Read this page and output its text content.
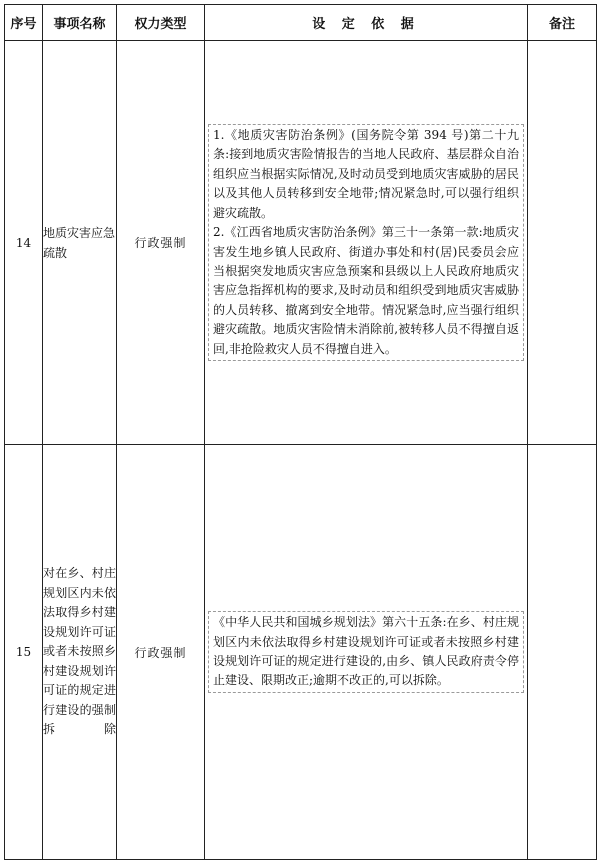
序号	事项名称	权力类型	设 定 依 据	备注
14	地质灾害应急疏散	行政强制	1.《地质灾害防治条例》(国务院令第 394 号)第二十九条:接到地质灾害险情报告的当地人民政府、基层群众自治组织应当根据实际情况,及时动员受到地质灾害威胁的居民以及其他人员转移到安全地带;情况紧急时,可以强行组织避灾疏散。

2.《江西省地质灾害防治条例》第三十一条第一款:地质灾害发生地乡镇人民政府、街道办事处和村(居)民委员会应当根据突发地质灾害应急预案和县级以上人民政府地质灾害应急指挥机构的要求,及时动员和组织受到地质灾害威胁的人员转移、撤离到安全地带。情况紧急时,应当强行组织避灾疏散。地质灾害险情未消除前,被转移人员不得擅自返回,非抢险救灾人员不得擅自进入。	

15	对在乡、村庄规划区内未依法取得乡村建设规划许可证或者未按照乡村建设规划许可证的规定进行建设的强制拆除	行政强制	《中华人民共和国城乡规划法》第六十五条:在乡、村庄规划区内未依法取得乡村建设规划许可证或者未按照乡村建设规划许可证的规定进行建设的,由乡、镇人民政府责令停止建设、限期改正;逾期不改正的,可以拆除。	
